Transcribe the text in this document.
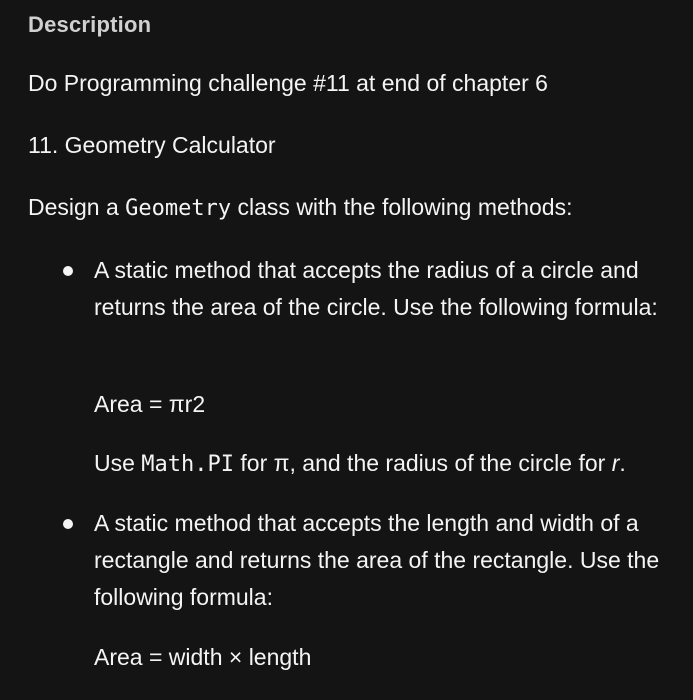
Description
Do Programming challenge #11 at end of chapter 6
11. Geometry Calculator
Design a Geometry class with the following methods:
A static method that accepts the radius of a circle and returns the area of the circle. Use the following formula:
Area = πr2
Use Math.PI for π, and the radius of the circle for r.
A static method that accepts the length and width of a rectangle and returns the area of the rectangle. Use the following formula:
Area = width × length
